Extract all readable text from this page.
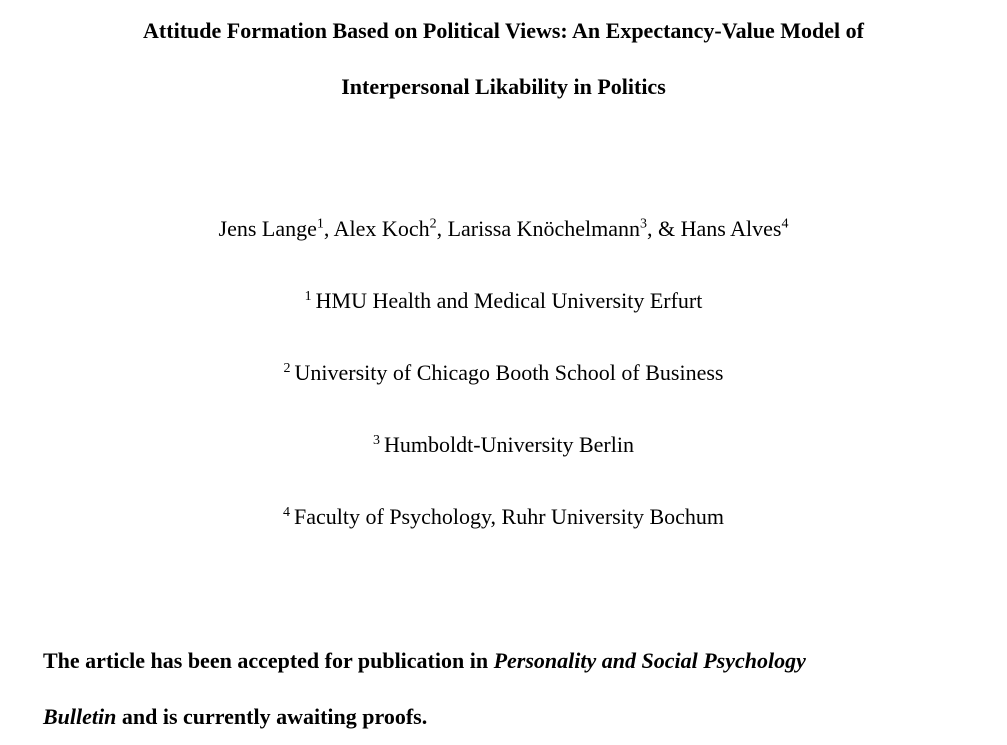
Attitude Formation Based on Political Views: An Expectancy-Value Model of
Interpersonal Likability in Politics
Jens Lange$^1$, Alex Koch$^2$, Larissa Knöchelmann$^3$, & Hans Alves$^4$
$^1$ HMU Health and Medical University Erfurt
$^2$ University of Chicago Booth School of Business
$^3$ Humboldt-University Berlin
$^4$ Faculty of Psychology, Ruhr University Bochum
The article has been accepted for publication in Personality and Social Psychology
Bulletin and is currently awaiting proofs.
